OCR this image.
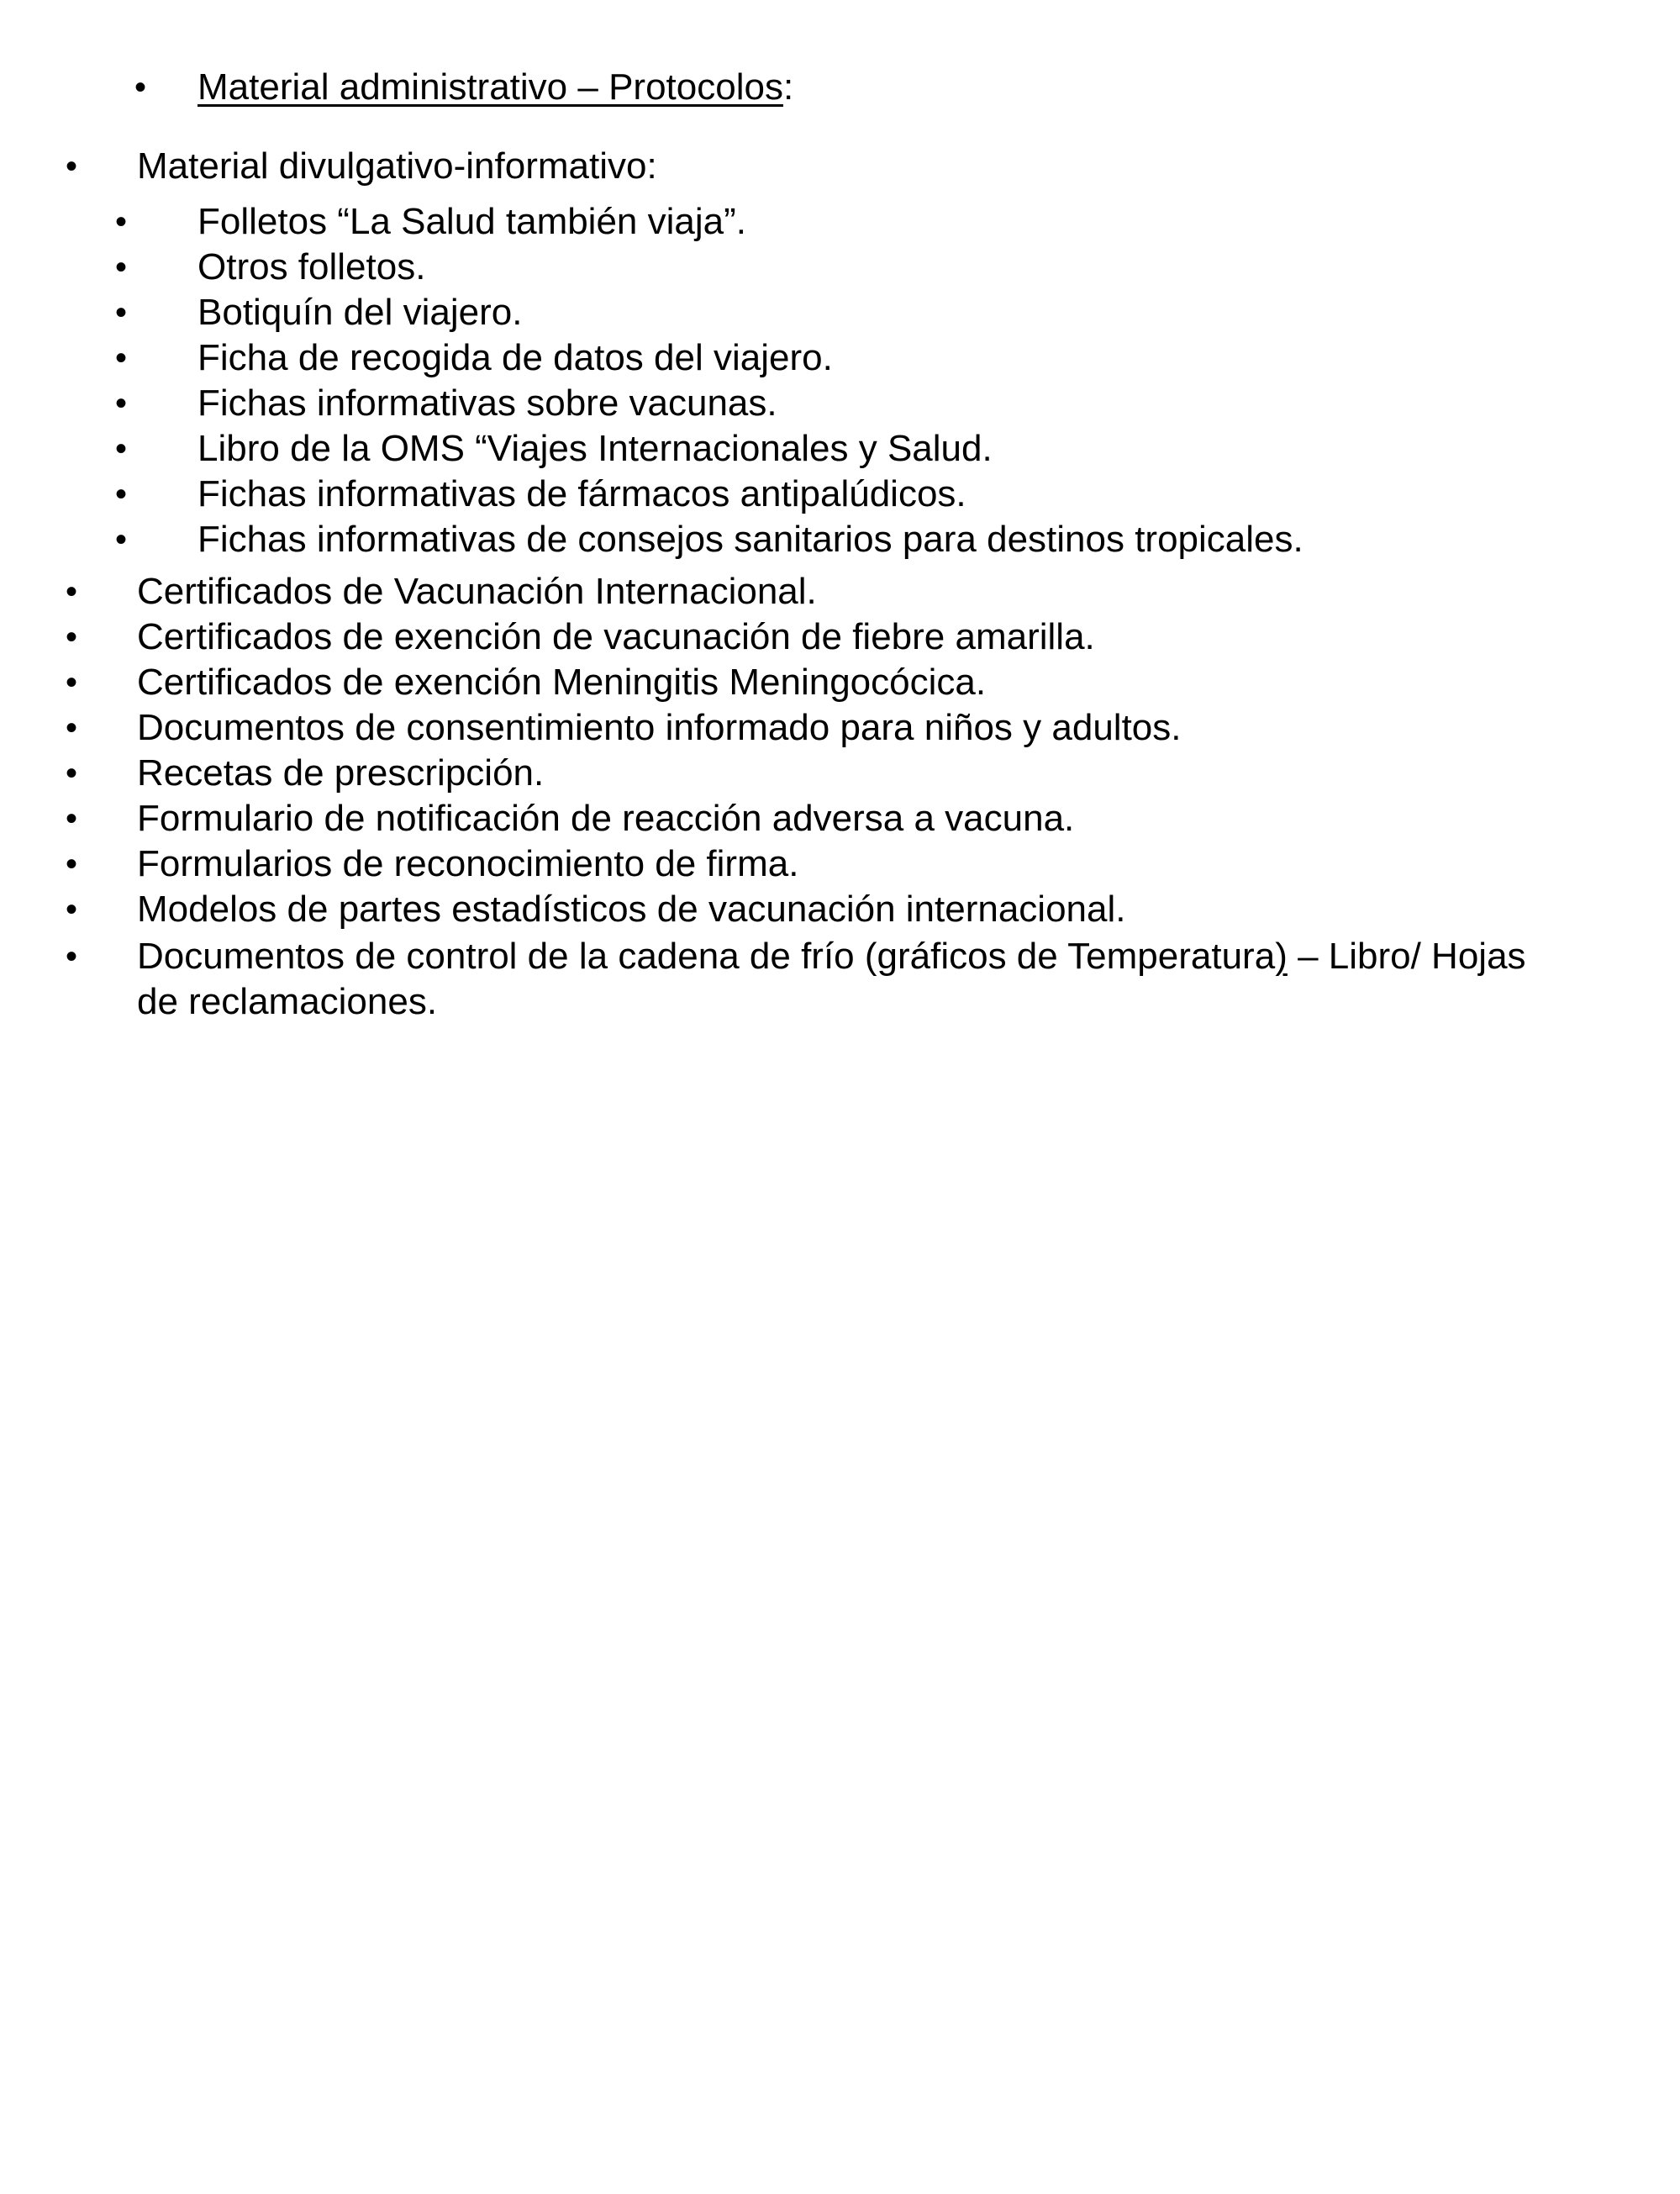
• Material administrativo – Protocolos:
• Material divulgativo-informativo:
• Folletos “La Salud también viaja”.
• Otros folletos.
• Botiquín del viajero.
• Ficha de recogida de datos del viajero.
• Fichas informativas sobre vacunas.
• Libro de la OMS “Viajes Internacionales y Salud.
• Fichas informativas de fármacos antipalúdicos.
• Fichas informativas de consejos sanitarios para destinos tropicales.
• Certificados de Vacunación Internacional.
• Certificados de exención de vacunación de fiebre amarilla.
• Certificados de exención Meningitis Meningocócica.
• Documentos de consentimiento informado para niños y adultos.
• Recetas de prescripción.
• Formulario de notificación de reacción adversa a vacuna.
• Formularios de reconocimiento de firma.
• Modelos de partes estadísticos de vacunación internacional.
• Documentos de control de la cadena de frío (gráficos de Temperatura) – Libro/ Hojas
de reclamaciones.
